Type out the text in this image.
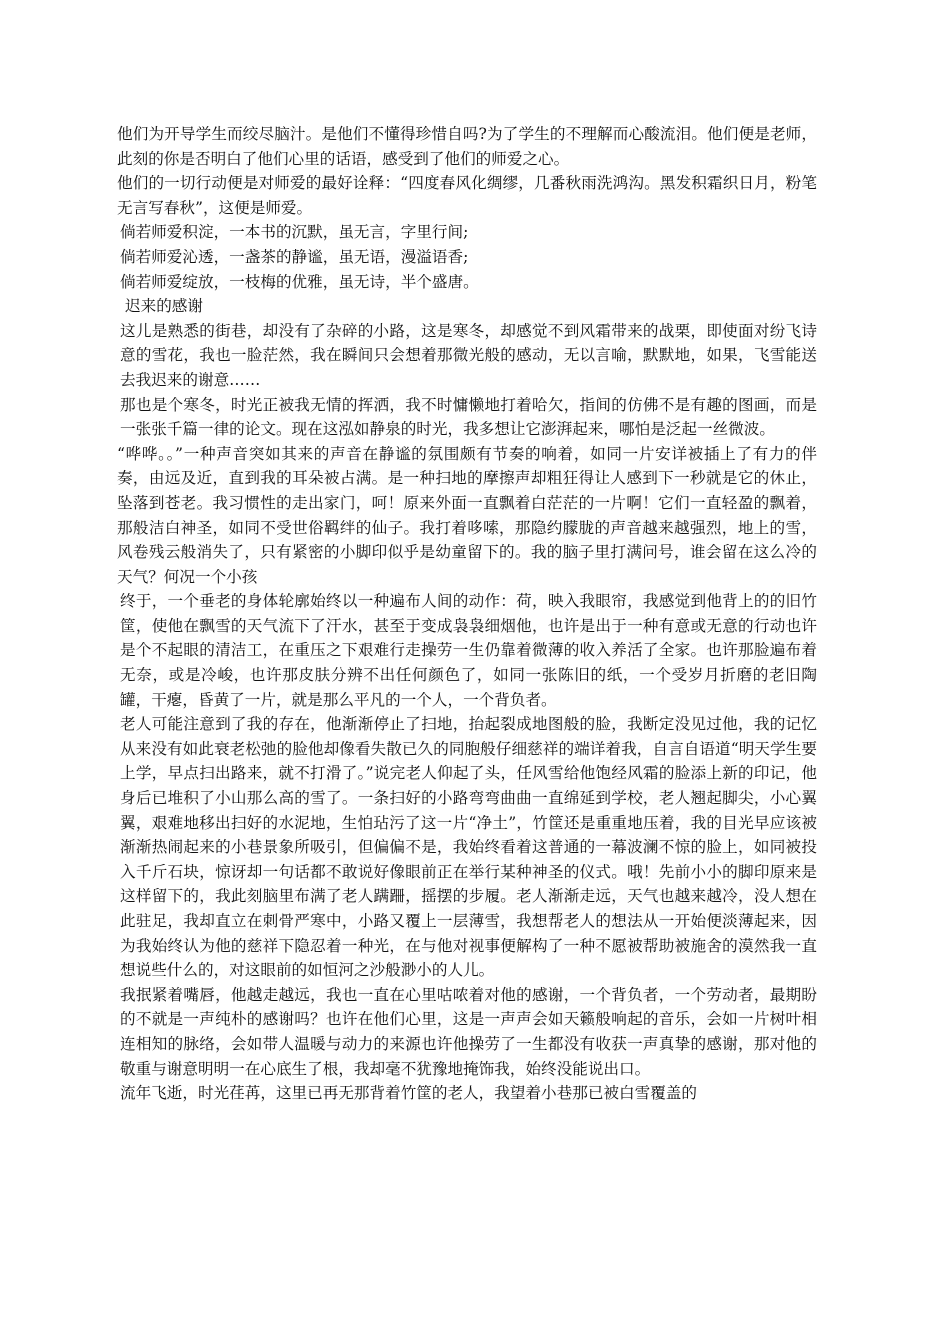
他们为开导学生而绞尽脑汁。是他们不懂得珍惜自吗?为了学生的不理解而心酸流泪。他们便是老师，此刻的你是否明白了他们心里的话语，感受到了他们的师爱之心。

他们的一切行动便是对师爱的最好诠释：“四度春风化绸缪，几番秋雨洗鸿沟。黑发积霜织日月，粉笔无言写春秋”，这便是师爱。

倘若师爱积淀，一本书的沉默，虽无言，字里行间;

倘若师爱沁透，一盏茶的静谧，虽无语，漫溢语香;

倘若师爱绽放，一枝梅的优雅，虽无诗，半个盛唐。

迟来的感谢

这儿是熟悉的街巷，却没有了杂碎的小路，这是寒冬，却感觉不到风霜带来的战栗，即使面对纷飞诗意的雪花，我也一脸茫然，我在瞬间只会想着那微光般的感动，无以言喻，默默地，如果，飞雪能送去我迟来的谢意……

那也是个寒冬，时光正被我无情的挥洒，我不时慵懒地打着哈欠，指间的仿佛不是有趣的图画，而是一张张千篇一律的论文。现在这泓如静泉的时光，我多想让它澎湃起来，哪怕是泛起一丝微波。

“哗哗。。”一种声音突如其来的声音在静谧的氛围颇有节奏的响着，如同一片安详被插上了有力的伴奏，由远及近，直到我的耳朵被占满。是一种扫地的摩擦声却粗狂得让人感到下一秒就是它的休止，坠落到苍老。我习惯性的走出家门，呵！原来外面一直飘着白茫茫的一片啊！它们一直轻盈的飘着，那般洁白神圣，如同不受世俗羁绊的仙子。我打着哆嗦，那隐约朦胧的声音越来越强烈，地上的雪，风卷残云般消失了，只有紧密的小脚印似乎是幼童留下的。我的脑子里打满问号，谁会留在这么冷的天气？何况一个小孩

终于，一个垂老的身体轮廓始终以一种遍布人间的动作：荷，映入我眼帘，我感觉到他背上的的旧竹筐，使他在飘雪的天气流下了汗水，甚至于变成袅袅细烟他，也许是出于一种有意或无意的行动也许是个不起眼的清洁工，在重压之下艰难行走操劳一生仍靠着微薄的收入养活了全家。也许那脸遍布着无奈，或是冷峻，也许那皮肤分辨不出任何颜色了，如同一张陈旧的纸，一个受岁月折磨的老旧陶罐，干瘪，昏黄了一片，就是那么平凡的一个人，一个背负者。

老人可能注意到了我的存在，他渐渐停止了扫地，抬起裂成地图般的脸，我断定没见过他，我的记忆从来没有如此衰老松弛的脸他却像看失散已久的同胞般仔细慈祥的端详着我，自言自语道“明天学生要上学，早点扫出路来，就不打滑了。”说完老人仰起了头，任风雪给他饱经风霜的脸添上新的印记，他身后已堆积了小山那么高的雪了。一条扫好的小路弯弯曲曲一直绵延到学校，老人翘起脚尖，小心翼翼，艰难地移出扫好的水泥地，生怕玷污了这一片“净土”，竹筐还是重重地压着，我的目光早应该被渐渐热闹起来的小巷景象所吸引，但偏偏不是，我始终看着这普通的一幕波澜不惊的脸上，如同被投入千斤石块，惊讶却一句话都不敢说好像眼前正在举行某种神圣的仪式。哦！先前小小的脚印原来是这样留下的，我此刻脑里布满了老人蹒跚，摇摆的步履。老人渐渐走远，天气也越来越冷，没人想在此驻足，我却直立在刺骨严寒中，小路又覆上一层薄雪，我想帮老人的想法从一开始便淡薄起来，因为我始终认为他的慈祥下隐忍着一种光，在与他对视事便解构了一种不愿被帮助被施舍的漠然我一直想说些什么的，对这眼前的如恒河之沙般渺小的人儿。

我抿紧着嘴唇，他越走越远，我也一直在心里咕哝着对他的感谢，一个背负者，一个劳动者，最期盼的不就是一声纯朴的感谢吗？也许在他们心里，这是一声声会如天籁般响起的音乐，会如一片树叶相连相知的脉络，会如带人温暖与动力的来源也许他操劳了一生都没有收获一声真挚的感谢，那对他的敬重与谢意明明一在心底生了根，我却毫不犹豫地掩饰我，始终没能说出口。

流年飞逝，时光荏苒，这里已再无那背着竹筐的老人，我望着小巷那已被白雪覆盖的
